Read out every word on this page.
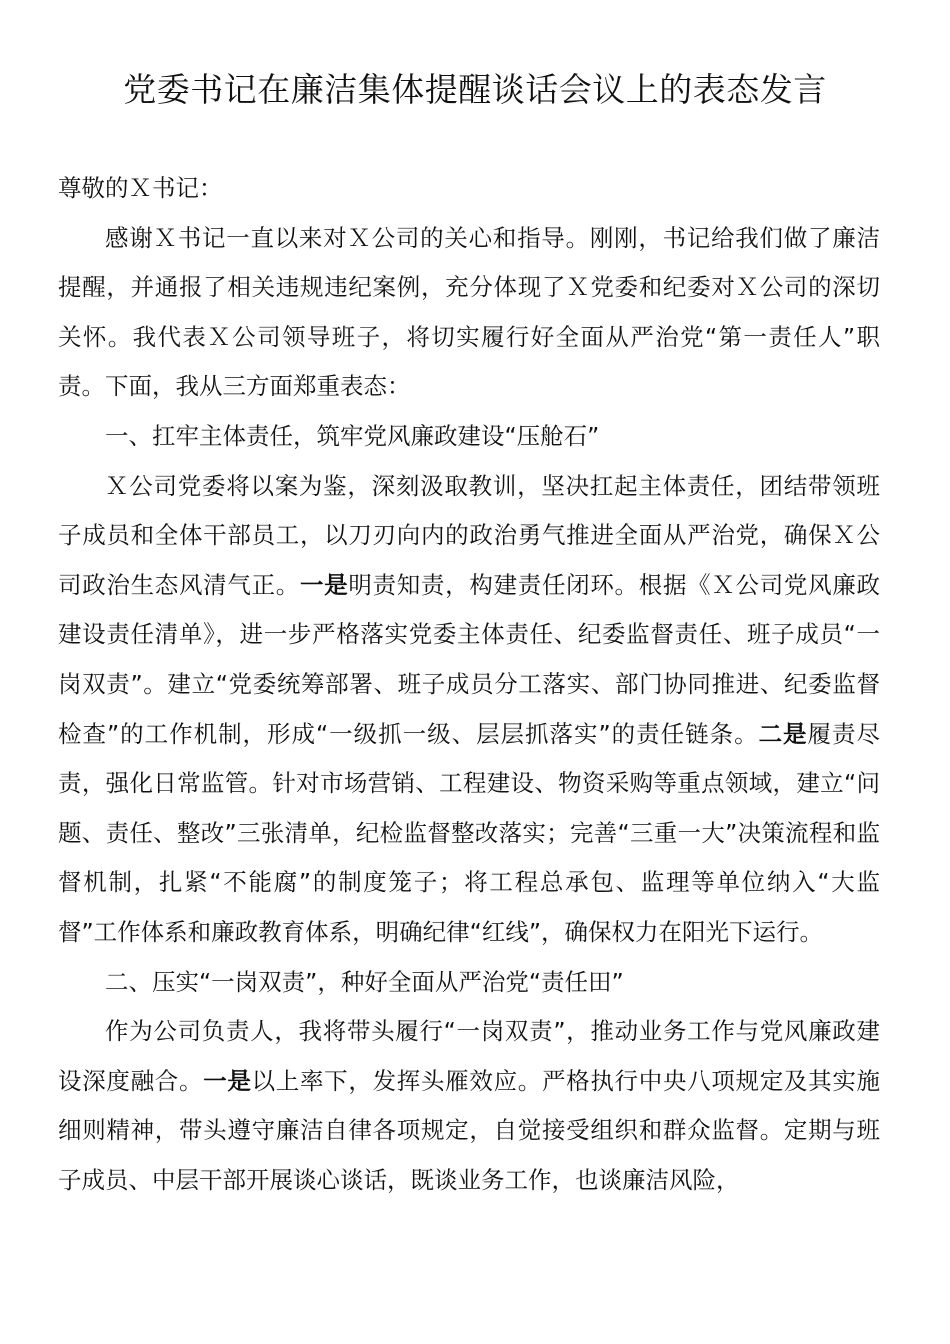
党委书记在廉洁集体提醒谈话会议上的表态发言

尊敬的Ｘ书记：

感谢Ｘ书记一直以来对Ｘ公司的关心和指导。刚刚，书记给我们做了廉洁提醒，并通报了相关违规违纪案例，充分体现了Ｘ党委和纪委对Ｘ公司的深切关怀。我代表Ｘ公司领导班子，将切实履行好全面从严治党“第一责任人”职责。下面，我从三方面郑重表态：

一、扛牢主体责任，筑牢党风廉政建设“压舱石”

Ｘ公司党委将以案为鉴，深刻汲取教训，坚决扛起主体责任，团结带领班子成员和全体干部员工，以刀刃向内的政治勇气推进全面从严治党，确保Ｘ公司政治生态风清气正。一是明责知责，构建责任闭环。根据《Ｘ公司党风廉政建设责任清单》，进一步严格落实党委主体责任、纪委监督责任、班子成员“一岗双责”。建立“党委统筹部署、班子成员分工落实、部门协同推进、纪委监督检查”的工作机制，形成“一级抓一级、层层抓落实”的责任链条。二是履责尽责，强化日常监管。针对市场营销、工程建设、物资采购等重点领域，建立“问题、责任、整改”三张清单，纪检监督整改落实；完善“三重一大”决策流程和监督机制，扎紧“不能腐”的制度笼子；将工程总承包、监理等单位纳入“大监督”工作体系和廉政教育体系，明确纪律“红线”，确保权力在阳光下运行。

二、压实“一岗双责”，种好全面从严治党“责任田”

作为公司负责人，我将带头履行“一岗双责”，推动业务工作与党风廉政建设深度融合。一是以上率下，发挥头雁效应。严格执行中央八项规定及其实施细则精神，带头遵守廉洁自律各项规定，自觉接受组织和群众监督。定期与班子成员、中层干部开展谈心谈话，既谈业务工作，也谈廉洁风险，
